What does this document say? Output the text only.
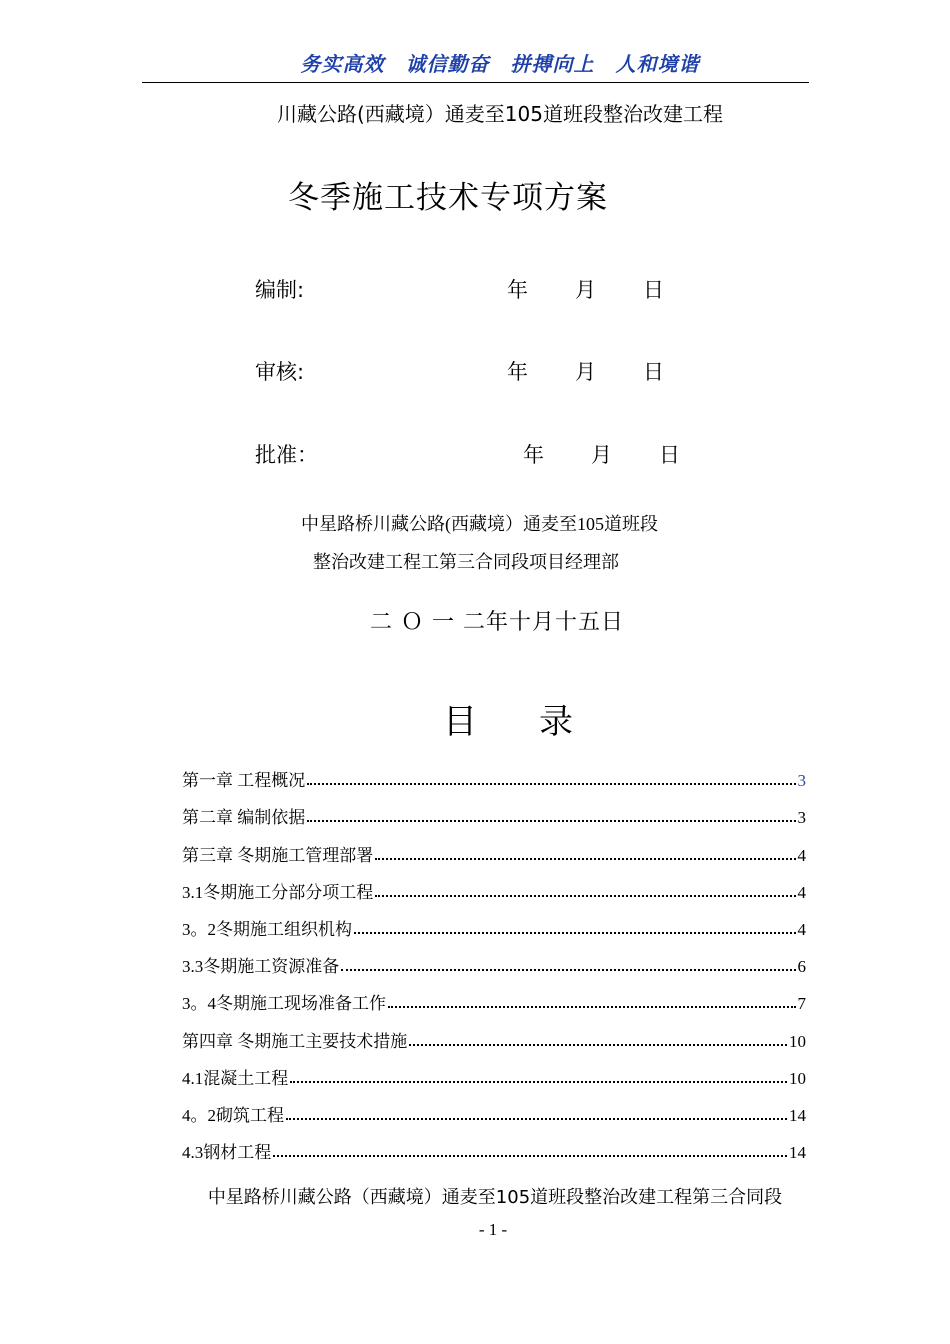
务实高效　诚信勤奋　拼搏向上　人和境谐
川藏公路(西藏境）通麦至105道班段整治改建工程
冬季施工技术专项方案
编制:	年 月 日
审核:	年 月 日
批准：	年 月 日
中星路桥川藏公路(西藏境）通麦至105道班段
整治改建工程工第三合同段项目经理部
二 Ｏ 一 二年十月十五日
目 录
第一章 工程概况	3
第二章 编制依据	3
第三章 冬期施工管理部署	4
3.1冬期施工分部分项工程	4
3。2冬期施工组织机构	4
3.3冬期施工资源准备	6
3。4冬期施工现场准备工作	7
第四章 冬期施工主要技术措施	10
4.1混凝土工程	10
4。2砌筑工程	14
4.3钢材工程	14
中星路桥川藏公路（西藏境）通麦至105道班段整治改建工程第三合同段
- 1 -
